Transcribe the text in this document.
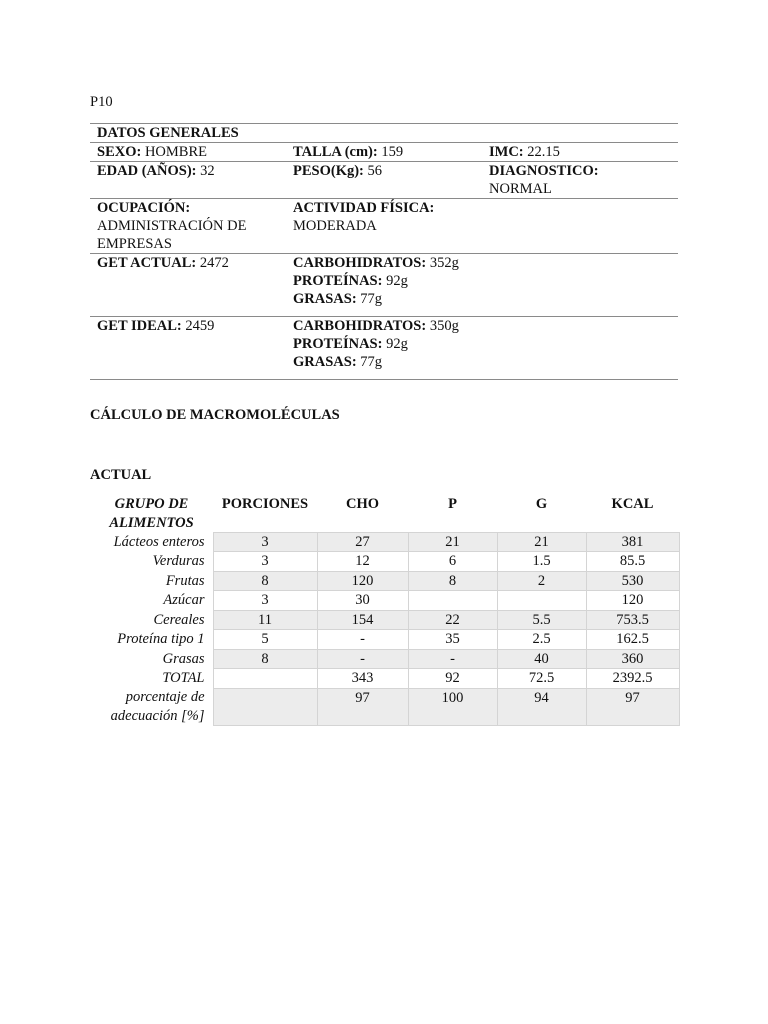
P10
DATOS GENERALES		
SEXO: HOMBRE	TALLA (cm): 159	IMC: 22.15
EDAD (AÑOS): 32	PESO(Kg): 56	DIAGNOSTICO:
NORMAL
OCUPACIÓN:
ADMINISTRACIÓN DE EMPRESAS	ACTIVIDAD FÍSICA:
MODERADA	
GET ACTUAL: 2472	CARBOHIDRATOS: 352g
PROTEÍNAS: 92g
GRASAS: 77g	
GET IDEAL: 2459	CARBOHIDRATOS: 350g
PROTEÍNAS: 92g
GRASAS: 77g	
CÁLCULO DE MACROMOLÉCULAS
ACTUAL
GRUPO DE ALIMENTOS	PORCIONES	CHO	P	G	KCAL
Lácteos enteros	3	27	21	21	381
Verduras	3	12	6	1.5	85.5
Frutas	8	120	8	2	530
Azúcar	3	30			120
Cereales	11	154	22	5.5	753.5
Proteína tipo 1	5	-	35	2.5	162.5
Grasas	8	-	-	40	360
TOTAL		343	92	72.5	2392.5
porcentaje de adecuación [%]		97	100	94	97
